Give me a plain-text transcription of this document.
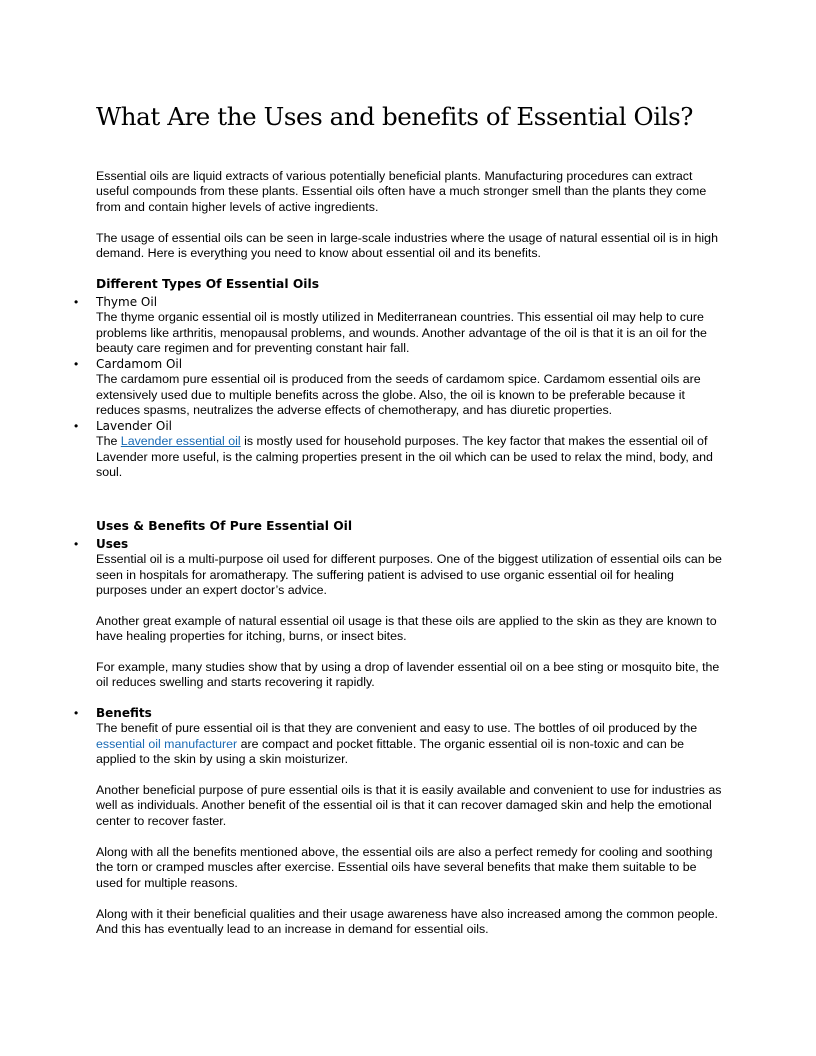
What Are the Uses and benefits of Essential Oils?

Essential oils are liquid extracts of various potentially beneficial plants. Manufacturing procedures can extract useful compounds from these plants. Essential oils often have a much stronger smell than the plants they come from and contain higher levels of active ingredients.

The usage of essential oils can be seen in large-scale industries where the usage of natural essential oil is in high demand. Here is everything you need to know about essential oil and its benefits.

Different Types Of Essential Oils
• Thyme Oil
The thyme organic essential oil is mostly utilized in Mediterranean countries. This essential oil may help to cure problems like arthritis, menopausal problems, and wounds. Another advantage of the oil is that it is an oil for the beauty care regimen and for preventing constant hair fall.
• Cardamom Oil
The cardamom pure essential oil is produced from the seeds of cardamom spice. Cardamom essential oils are extensively used due to multiple benefits across the globe. Also, the oil is known to be preferable because it reduces spasms, neutralizes the adverse effects of chemotherapy, and has diuretic properties.
• Lavender Oil
The Lavender essential oil is mostly used for household purposes. The key factor that makes the essential oil of Lavender more useful, is the calming properties present in the oil which can be used to relax the mind, body, and soul.
Uses & Benefits Of Pure Essential Oil
• Uses
Essential oil is a multi-purpose oil used for different purposes. One of the biggest utilization of essential oils can be seen in hospitals for aromatherapy. The suffering patient is advised to use organic essential oil for healing purposes under an expert doctor’s advice.

Another great example of natural essential oil usage is that these oils are applied to the skin as they are known to have healing properties for itching, burns, or insect bites.

For example, many studies show that by using a drop of lavender essential oil on a bee sting or mosquito bite, the oil reduces swelling and starts recovering it rapidly.

• Benefits
The benefit of pure essential oil is that they are convenient and easy to use. The bottles of oil produced by the essential oil manufacturer are compact and pocket fittable. The organic essential oil is non-toxic and can be applied to the skin by using a skin moisturizer.

Another beneficial purpose of pure essential oils is that it is easily available and convenient to use for industries as well as individuals. Another benefit of the essential oil is that it can recover damaged skin and help the emotional center to recover faster.

Along with all the benefits mentioned above, the essential oils are also a perfect remedy for cooling and soothing the torn or cramped muscles after exercise. Essential oils have several benefits that make them suitable to be used for multiple reasons.

Along with it their beneficial qualities and their usage awareness have also increased among the common people. And this has eventually lead to an increase in demand for essential oils.
